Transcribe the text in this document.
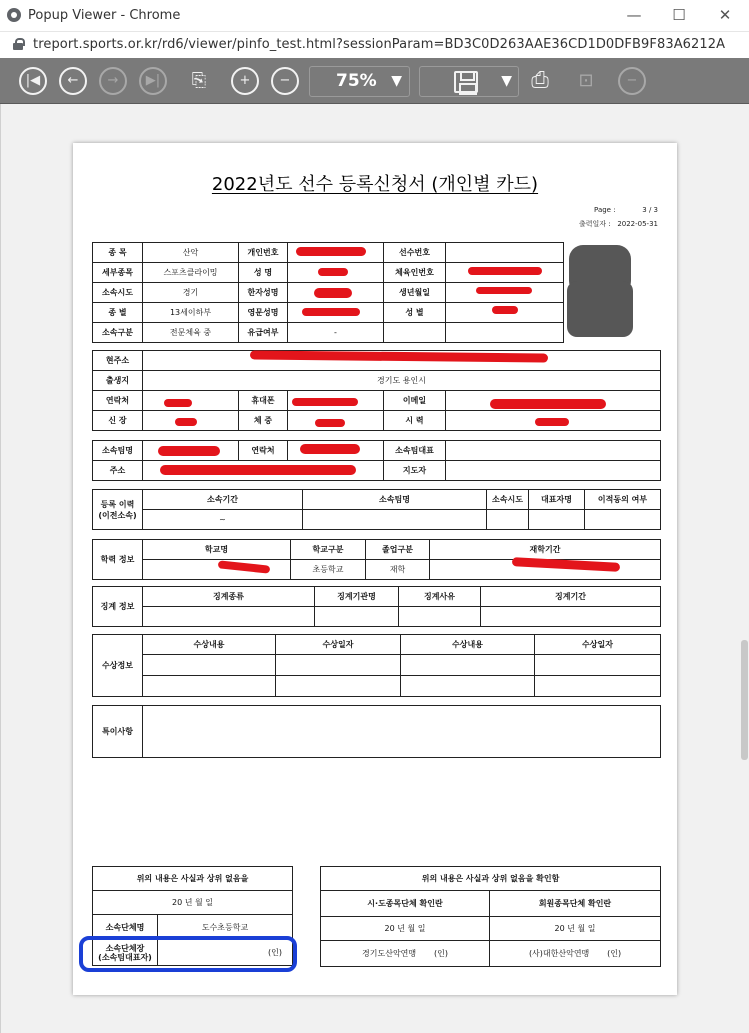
Popup Viewer - Chrome	—	☐	✕
treport.sports.or.kr/rd6/viewer/pinfo_test.html?sessionParam=BD3C0D263AAE36CD1D0DFB9F83A6212A
|◀	←	→	▶|	⎘	+	−	75% ▼	▼ ⎙	⊡	−
2022년도 선수 등록신청서 (개인별 카드)
Page :	3 / 3
출력일자 : 2022-05-31
종 목	산악	개인번호		선수번호	
세부종목	스포츠클라이밍	성 명		체육인번호	
소속시도	경기	한자성명		생년월일	
종 별	13세이하부	영문성명		성 별	
소속구분	전문체육 중	유급여부	-		
현주소					
출생지	경기도 용인시				
연락처		휴대폰		이메일	
신 장		체 중		시 력	
소속팀명		연락처		소속팀대표	
주소				지도자	
등록 이력
(이전소속)	소속기간	소속팀명	소속시도	대표자명	이적동의 여부
	~				
학력 정보	학교명	학교구분	졸업구분	재학기간
		초등학교	재학	
징계 정보	징계종류	징계기관명	징계사유	징계기간

수상정보	수상내용	수상일자	수상내용	수상일자

특이사항	
위의 내용은 사실과 상위 없음을	
20 년 월 일	
소속단체명	도수초등학교
소속단체장
(소속팀대표자)	(인)
위의 내용은 사실과 상위 없음을 확인함	
시·도종목단체 확인란	회원종목단체 확인란
20 년 월 일	20 년 월 일
경기도산악연맹 (인)	(사)대한산악연맹 (인)
